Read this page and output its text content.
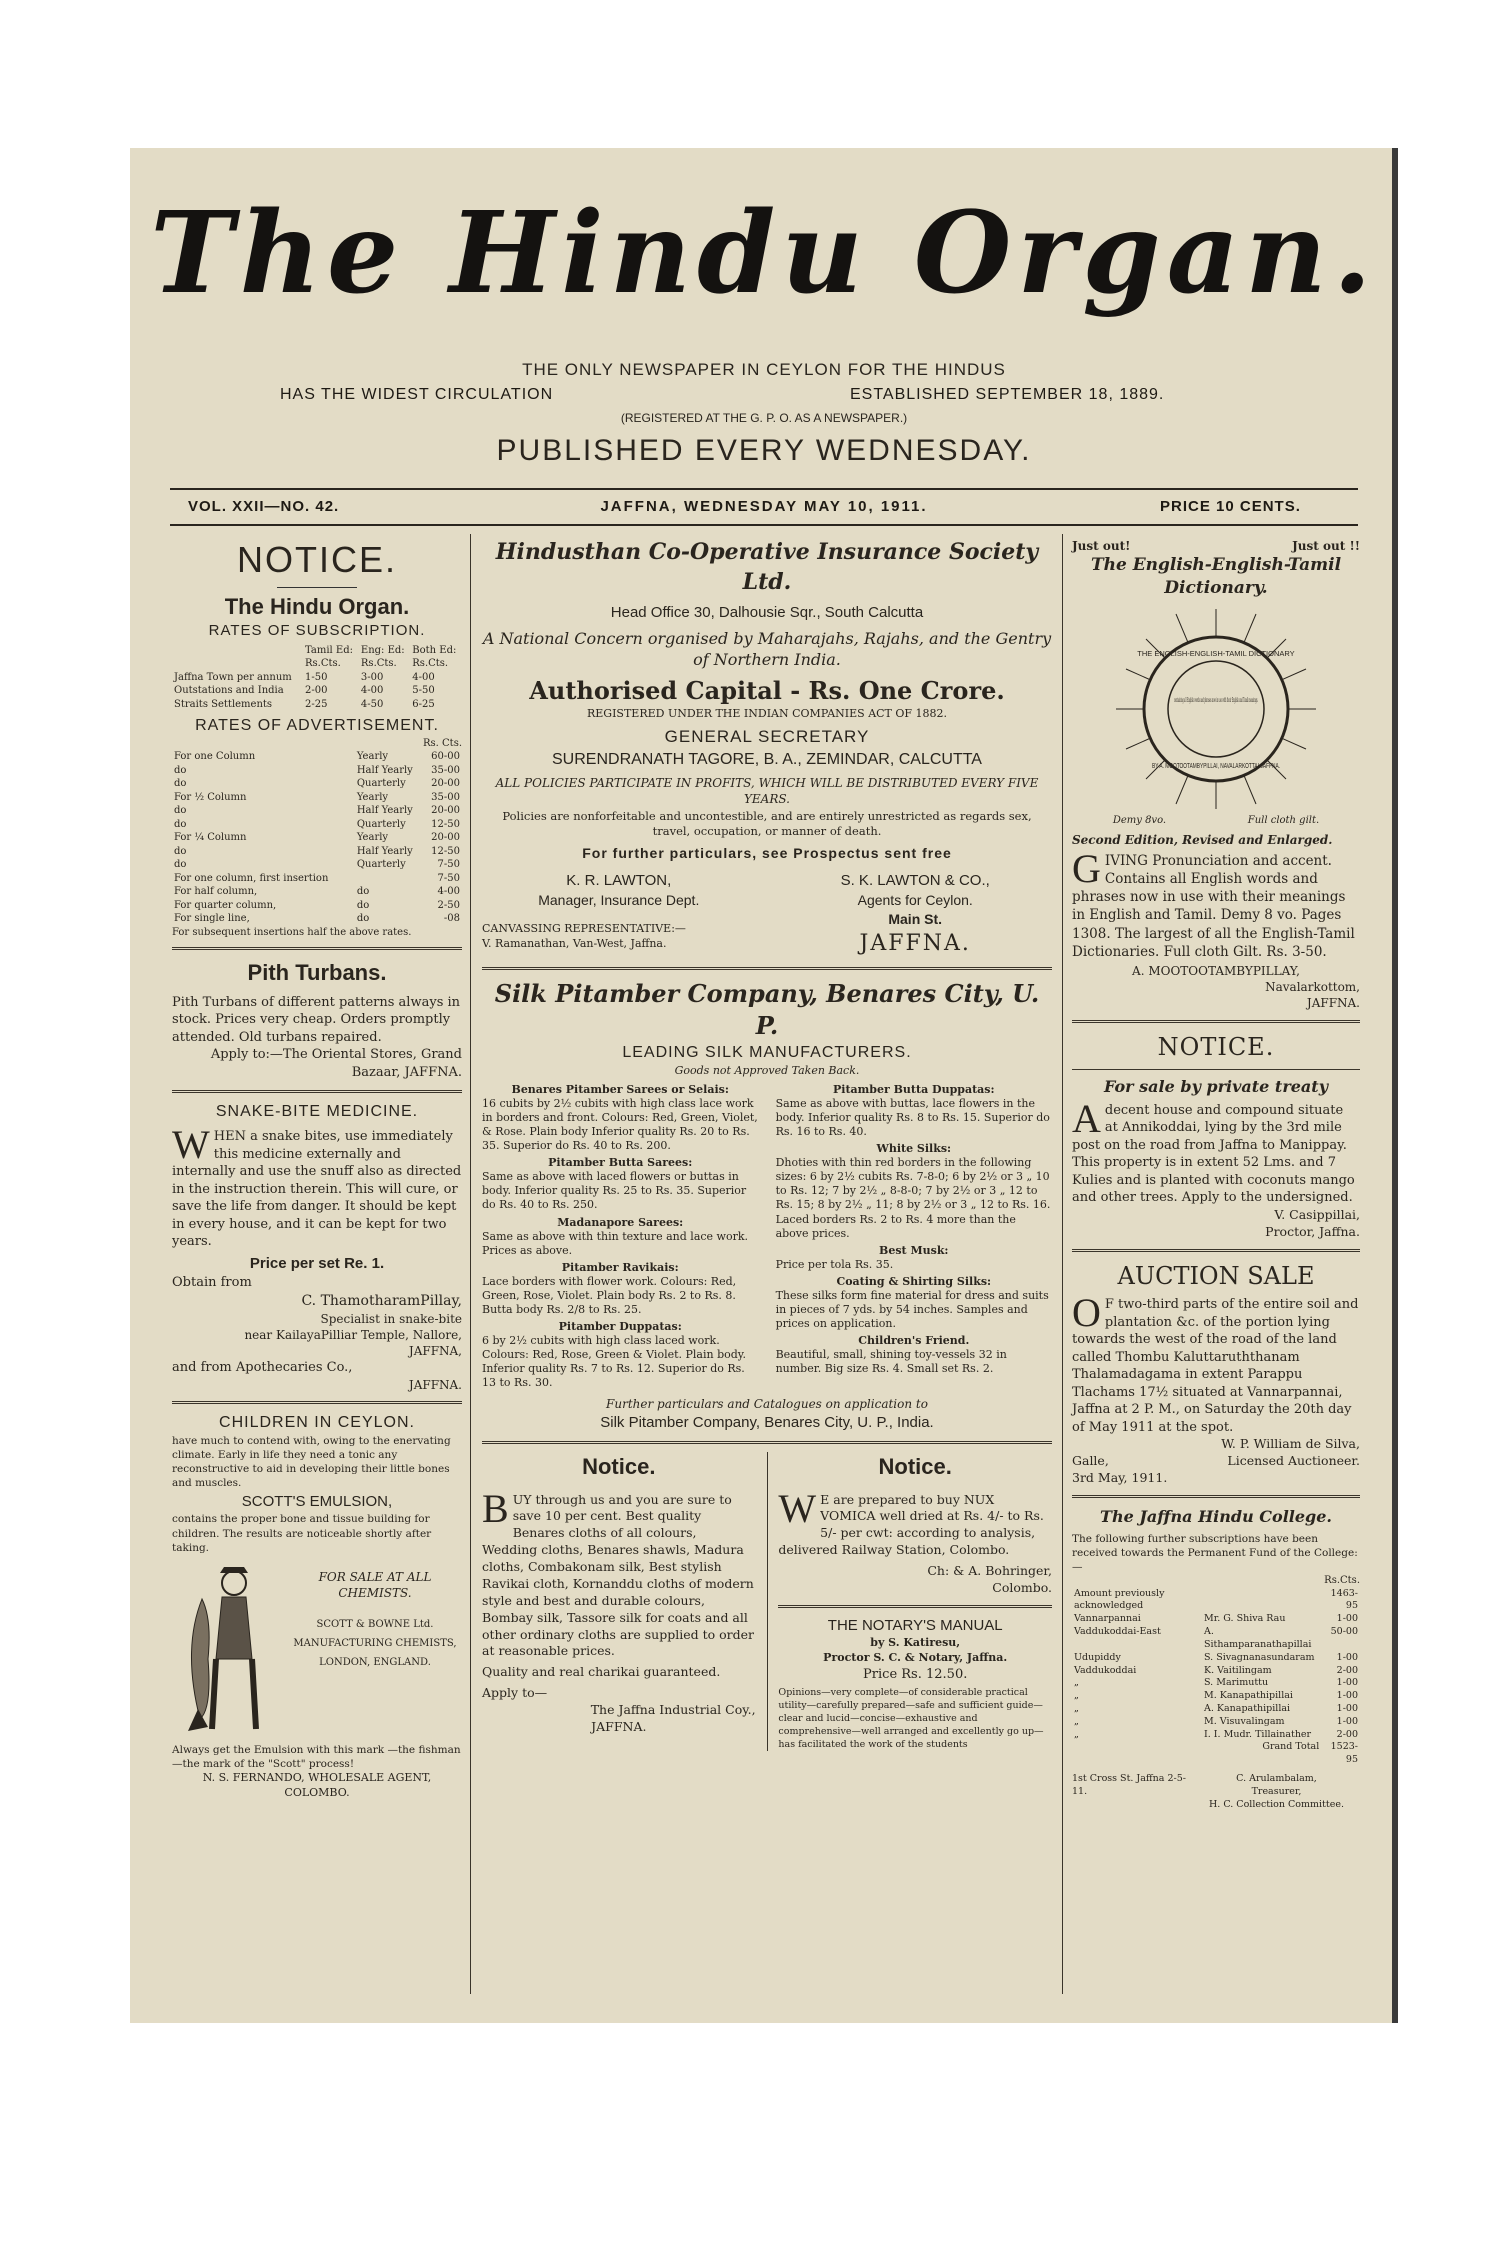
The Hindu Organ.
THE ONLY NEWSPAPER IN CEYLON FOR THE HINDUS
HAS THE WIDEST CIRCULATION	ESTABLISHED SEPTEMBER 18, 1889.
(REGISTERED AT THE G. P. O. AS A NEWSPAPER.)
PUBLISHED EVERY WEDNESDAY.
VOL. XXII—NO. 42.	JAFFNA, WEDNESDAY MAY 10, 1911.	PRICE 10 CENTS.
NOTICE.
The Hindu Organ.
RATES OF SUBSCRIPTION.
	Tamil Ed:	Eng: Ed:	Both Ed:
	Rs.Cts.	Rs.Cts.	Rs.Cts.
Jaffna Town per annum	1-50	3-00	4-00
Outstations and India	2-00	4-00	5-50
Straits Settlements	2-25	4-50	6-25
RATES OF ADVERTISEMENT.
Rs. Cts.
For one Column	Yearly	60-00
do	Half Yearly	35-00
do	Quarterly	20-00
For ½ Column	Yearly	35-00
do	Half Yearly	20-00
do	Quarterly	12-50
For ¼ Column	Yearly	20-00
do	Half Yearly	12-50
do	Quarterly	7-50
For one column, first insertion		7-50
For half column,	do	4-00
For quarter column,	do	2-50
For single line,	do	-08
For subsequent insertions half the above rates.
Pith Turbans.
Pith Turbans of different patterns always in stock. Prices very cheap. Orders promptly attended. Old turbans repaired.
Apply to:—The Oriental Stores, Grand Bazaar, JAFFNA.
SNAKE-BITE MEDICINE.
W HEN a snake bites, use immediately this medicine externally and internally and use the snuff also as directed in the instruction therein. This will cure, or save the life from danger. It should be kept in every house, and it can be kept for two years.
Price per set Re. 1.
Obtain from
C. ThamotharamPillay,
Specialist in snake-bite
near KailayaPilliar Temple, Nallore,
JAFFNA,
and from Apothecaries Co.,
JAFFNA.
CHILDREN IN CEYLON.
have much to contend with, owing to the enervating climate. Early in life they need a tonic any reconstructive to aid in developing their little bones and muscles.
SCOTT'S EMULSION,
contains the proper bone and tissue building for children. The results are noticeable shortly after taking.
FOR SALE AT ALL CHEMISTS.
SCOTT & BOWNE Ltd. MANUFACTURING CHEMISTS, LONDON, ENGLAND.
Always get the Emulsion with this mark —the fishman—the mark of the "Scott" process!
N. S. FERNANDO, WHOLESALE AGENT, COLOMBO.
Hindusthan Co-Operative Insurance Society Ltd.
Head Office 30, Dalhousie Sqr., South Calcutta
A National Concern organised by Maharajahs, Rajahs, and the Gentry of Northern India.
Authorised Capital - Rs. One Crore.
REGISTERED UNDER THE INDIAN COMPANIES ACT OF 1882.
GENERAL SECRETARY
SURENDRANATH TAGORE, B. A., ZEMINDAR, CALCUTTA
ALL POLICIES PARTICIPATE IN PROFITS, WHICH WILL BE DISTRIBUTED EVERY FIVE YEARS.
Policies are nonforfeitable and uncontestible, and are entirely unrestricted as regards sex, travel, occupation, or manner of death.
For further particulars, see Prospectus sent free
K. R. LAWTON,
Manager, Insurance Dept.
CANVASSING REPRESENTATIVE:—
V. Ramanathan, Van-West, Jaffna.
S. K. LAWTON & CO.,
Agents for Ceylon.
Main St.
JAFFNA.
Silk Pitamber Company, Benares City, U. P.
LEADING SILK MANUFACTURERS.
Goods not Approved Taken Back.
Benares Pitamber Sarees or Selais:
16 cubits by 2½ cubits with high class lace work in borders and front. Colours: Red, Green, Violet, & Rose. Plain body Inferior quality Rs. 20 to Rs. 35. Superior do Rs. 40 to Rs. 200.
Pitamber Butta Sarees:
Same as above with laced flowers or buttas in body. Inferior quality Rs. 25 to Rs. 35. Superior do Rs. 40 to Rs. 250.
Madanapore Sarees:
Same as above with thin texture and lace work. Prices as above.
Pitamber Ravikais:
Lace borders with flower work. Colours: Red, Green, Rose, Violet. Plain body Rs. 2 to Rs. 8. Butta body Rs. 2/8 to Rs. 25.
Pitamber Duppatas:
6 by 2½ cubits with high class laced work. Colours: Red, Rose, Green & Violet. Plain body. Inferior quality Rs. 7 to Rs. 12. Superior do Rs. 13 to Rs. 30.
Pitamber Butta Duppatas:
Same as above with buttas, lace flowers in the body. Inferior quality Rs. 8 to Rs. 15. Superior do Rs. 16 to Rs. 40.
White Silks:
Dhoties with thin red borders in the following sizes: 6 by 2½ cubits Rs. 7-8-0; 6 by 2½ or 3 „ 10 to Rs. 12; 7 by 2½ „ 8-8-0; 7 by 2½ or 3 „ 12 to Rs. 15; 8 by 2½ „ 11; 8 by 2½ or 3 „ 12 to Rs. 16. Laced borders Rs. 2 to Rs. 4 more than the above prices.
Best Musk:
Price per tola Rs. 35.
Coating & Shirting Silks:
These silks form fine material for dress and suits in pieces of 7 yds. by 54 inches. Samples and prices on application.
Children's Friend.
Beautiful, small, shining toy-vessels 32 in number. Big size Rs. 4. Small set Rs. 2.
Further particulars and Catalogues on application to
Silk Pitamber Company, Benares City, U. P., India.
Notice.
B UY through us and you are sure to save 10 per cent. Best quality Benares cloths of all colours, Wedding cloths, Benares shawls, Madura cloths, Combakonam silk, Best stylish Ravikai cloth, Kornanddu cloths of modern style and best and durable colours, Bombay silk, Tassore silk for coats and all other ordinary cloths are supplied to order at reasonable prices.
Quality and real charikai guaranteed.
Apply to—
The Jaffna Industrial Coy.,
JAFFNA.
Notice.
W E are prepared to buy NUX VOMICA well dried at Rs. 4/- to Rs. 5/- per cwt: according to analysis, delivered Railway Station, Colombo.
Ch: & A. Bohringer,
Colombo.
THE NOTARY'S MANUAL
by S. Katiresu,
Proctor S. C. & Notary, Jaffna.
Price Rs. 12.50.
Opinions—very complete—of considerable practical utility—carefully prepared—safe and sufficient guide—clear and lucid—concise—exhaustive and comprehensive—well arranged and excellently go up—has facilitated the work of the students
Just out!	Just out !!
The English-English-Tamil Dictionary.
THE ENGLISH-ENGLISH-TAMIL DICTIONARY
containing all English words and phrases now in use with their English and Tamil meanings.
BY A. MOOTOOTAMBYPILLAI, NAVALARKOTTAI-JAFFNA.
Demy 8vo.	Full cloth gilt.
Second Edition, Revised and Enlarged.
G IVING Pronunciation and accent. Contains all English words and phrases now in use with their meanings in English and Tamil. Demy 8 vo. Pages 1308. The largest of all the English-Tamil Dictionaries. Full cloth Gilt. Rs. 3-50.
A. MOOTOOTAMBYPILLAY,
Navalarkottom,
JAFFNA.
NOTICE.
For sale by private treaty
A decent house and compound situate at Annikoddai, lying by the 3rd mile post on the road from Jaffna to Manippay. This property is in extent 52 Lms. and 7 Kulies and is planted with coconuts mango and other trees. Apply to the undersigned.
V. Casippillai,
Proctor, Jaffna.
AUCTION SALE
O F two-third parts of the entire soil and plantation &c. of the portion lying towards the west of the road of the land called Thombu Kaluttaruththanam Thalamadagama in extent Parappu Tlachams 17½ situated at Vannarpannai, Jaffna at 2 P. M., on Saturday the 20th day of May 1911 at the spot.
W. P. William de Silva,
Galle,	Licensed Auctioneer.
3rd May, 1911.
The Jaffna Hindu College.
The following further subscriptions have been received towards the Permanent Fund of the College:—
Rs.Cts.
Amount previously acknowledged		1463-95
Vannarpannai	Mr. G. Shiva Rau	1-00
Vaddukoddai-East	A. Sithamparanathapillai	50-00
Udupiddy	S. Sivagnanasundaram	1-00
Vaddukoddai	K. Vaitilingam	2-00
„	S. Marimuttu	1-00
„	M. Kanapathipillai	1-00
„	A. Kanapathipillai	1-00
„	M. Visuvalingam	1-00
„	I. I. Mudr. Tillainather	2-00
	Grand Total	1523-95
1st Cross St. Jaffna 2-5-11.
C. Arulambalam,
Treasurer,
H. C. Collection Committee.
